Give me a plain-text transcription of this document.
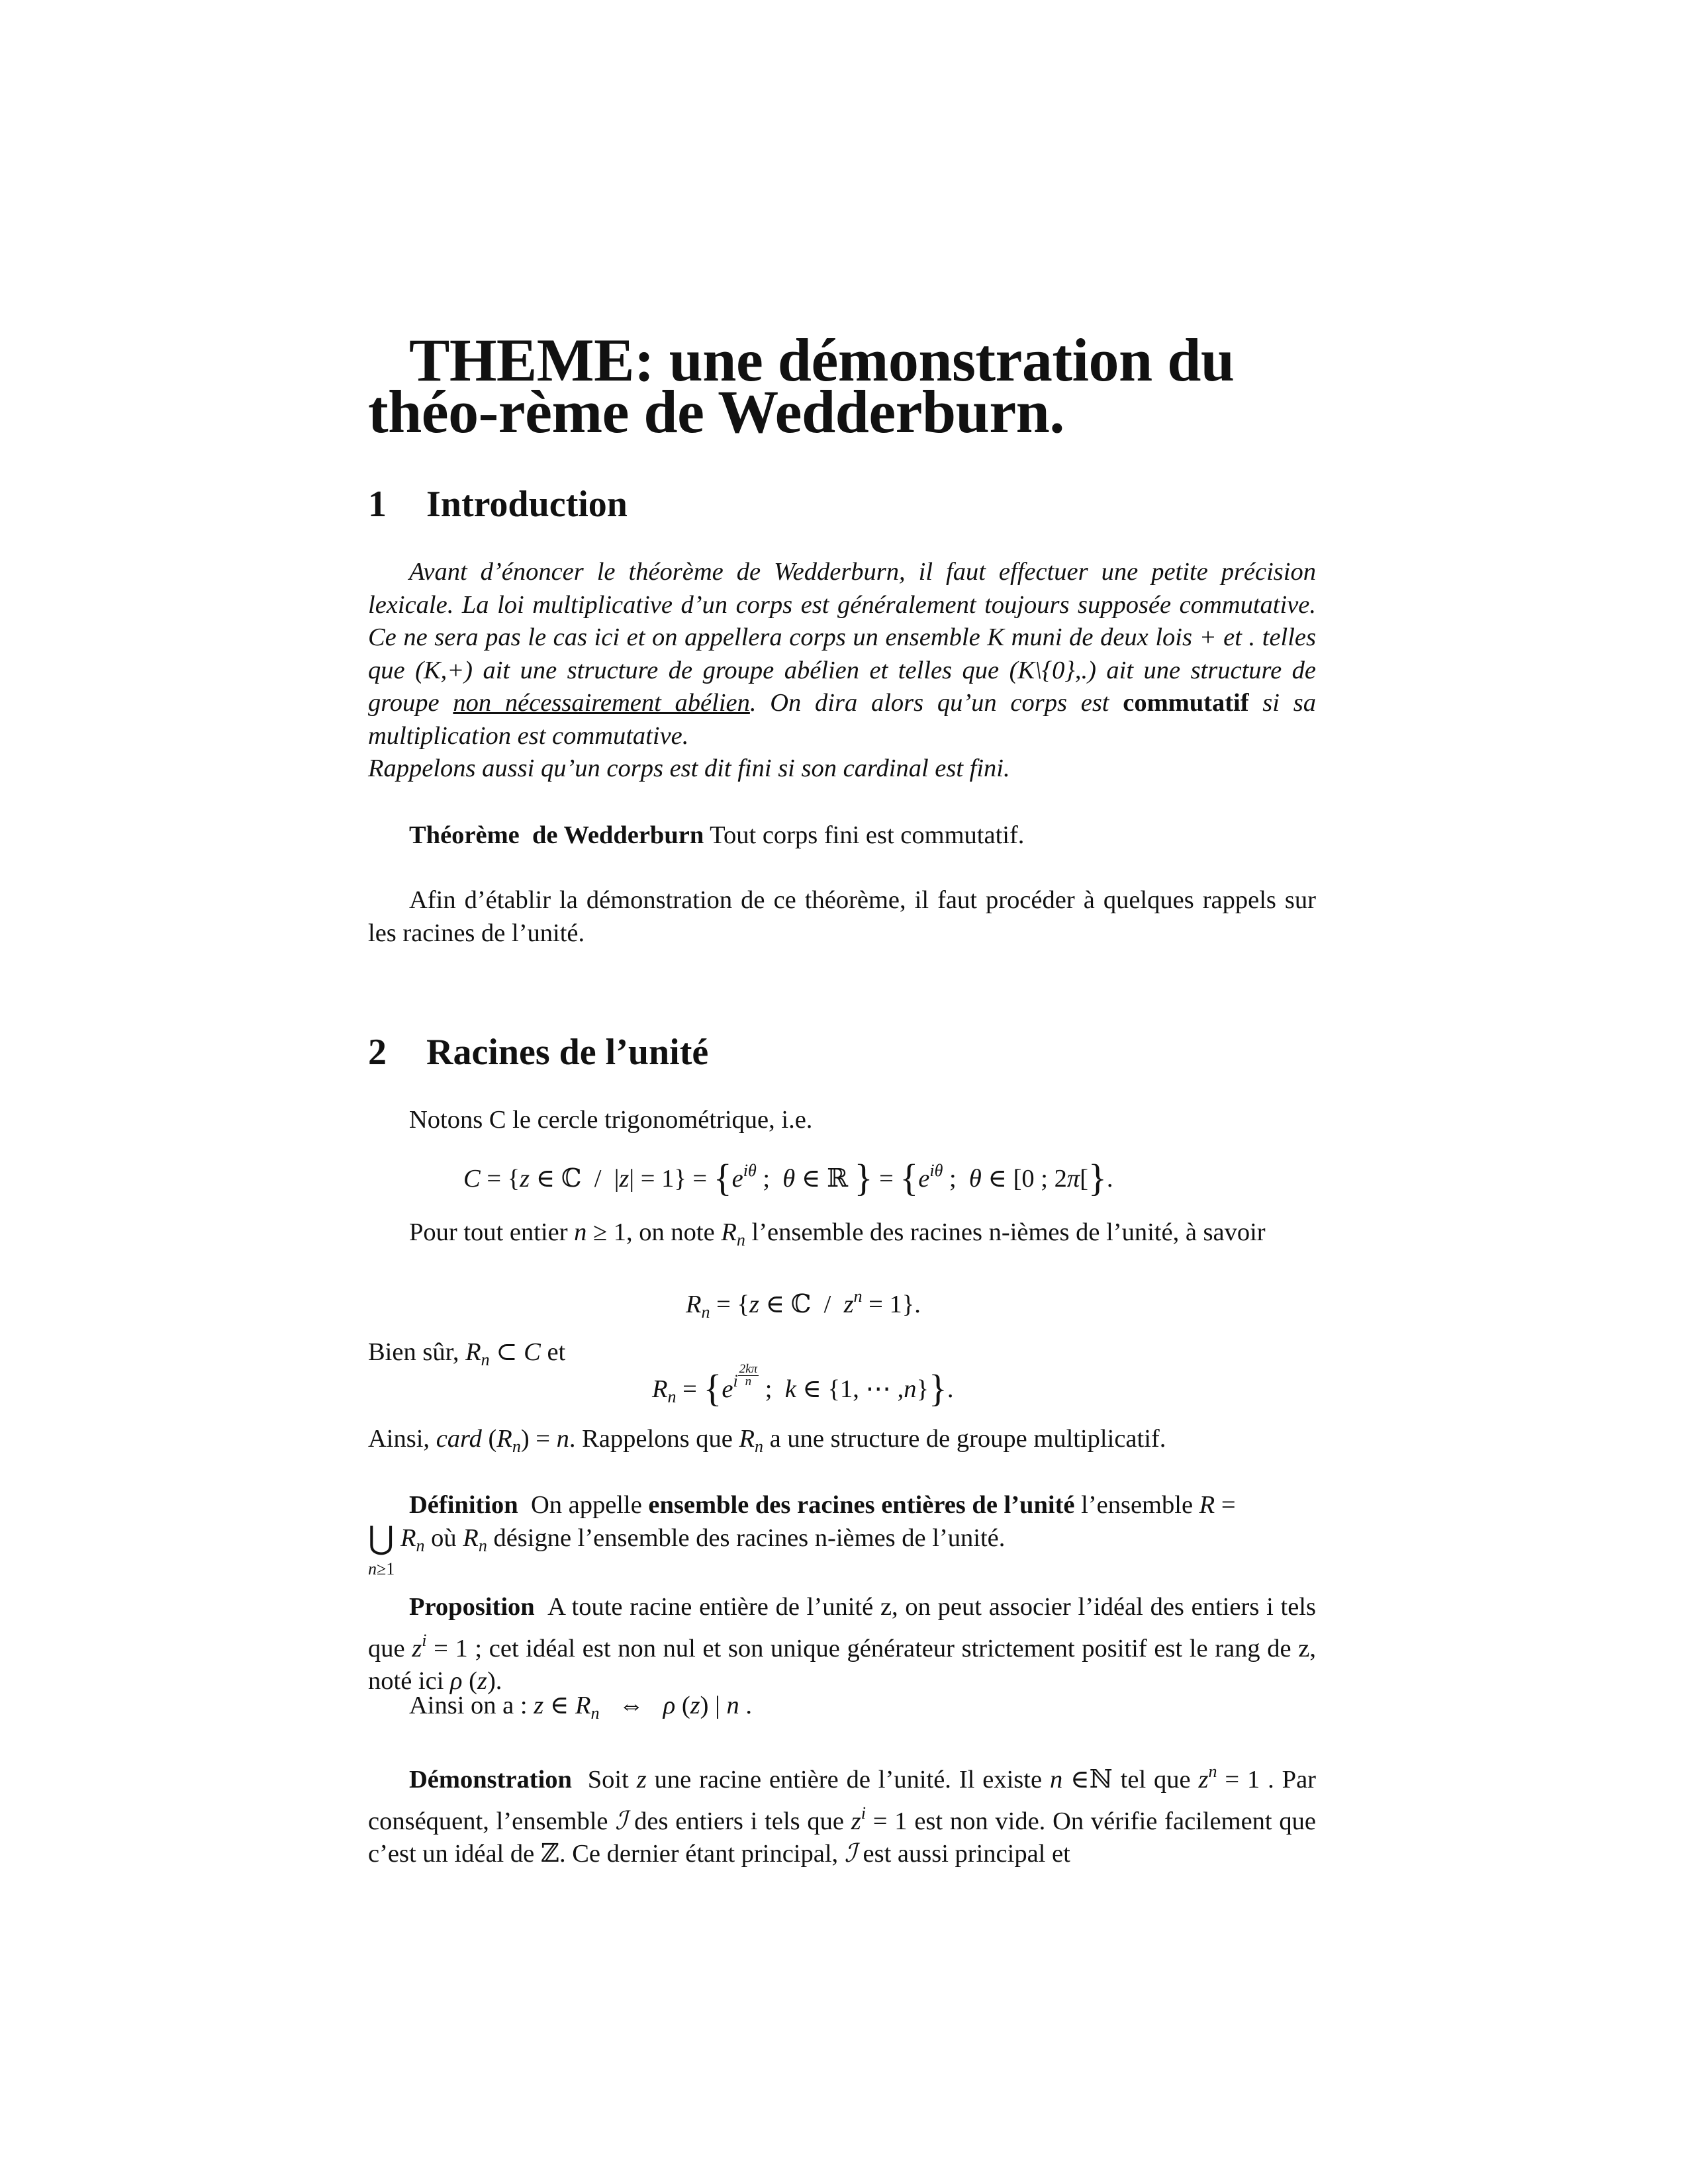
THEME: une démonstration du théo-rème de Wedderburn.
1 Introduction
Avant d’énoncer le théorème de Wedderburn, il faut effectuer une petite précision lexicale. La loi multiplicative d’un corps est généralement toujours supposée commutative. Ce ne sera pas le cas ici et on appellera corps un ensemble K muni de deux lois + et . telles que (K,+) ait une structure de groupe abélien et telles que (K\{0},.) ait une structure de groupe non nécessairement abélien. On dira alors qu’un corps est commutatif si sa multiplication est commutative.
Rappelons aussi qu’un corps est dit fini si son cardinal est fini.
Théorème  de Wedderburn Tout corps fini est commutatif.
Afin d’établir la démonstration de ce théorème, il faut procéder à quelques rappels sur les racines de l’unité.
2 Racines de l’unité
Notons C le cercle trigonométrique, i.e.
C = {z ∈ ℂ  /  $|z| = 1\} = \{e^{i\theta}$ ;  θ ∈ ℝ } = {$e^{i\theta}$ ;  θ ∈ [0 ; 2π[}.
Pour tout entier n ≥ 1, on note $R_n$ l’ensemble des racines n-ièmes de l’unité, à savoir
$R_n = \{z$ ∈ ℂ  /  $z^n = 1$}.
Bien sûr, $R_n$ ⊂ C et
$R_n = \{e^i \frac{2k\pi}{n}$ ;  k ∈ {1, ⋯ ,n}}.
Ainsi, card $(R_n) = n$. Rappelons que $R_n$ a une structure de groupe multiplicatif.
Définition  On appelle ensemble des racines entières de l’unité l’ensemble R =
⋃ $R_n$ où $R_n$ désigne l’ensemble des racines n-ièmes de l’unité.
n≥1
Proposition  A toute racine entière de l’unité z, on peut associer l’idéal des entiers i tels que $z^i = 1$ ; cet idéal est non nul et son unique générateur strictement positif est le rang de z, noté ici ρ (z).
Ainsi on a : z ∈ $R_n$   ⇔   ρ (z) | n .
Démonstration  Soit z une racine entière de l’unité. Il existe n ∈ℕ tel que $z^n = 1$ . Par conséquent, l’ensemble ℐ des entiers i tels que $z^i = 1$ est non vide. On vérifie facilement que c’est un idéal de ℤ. Ce dernier étant principal, ℐ est aussi principal et
